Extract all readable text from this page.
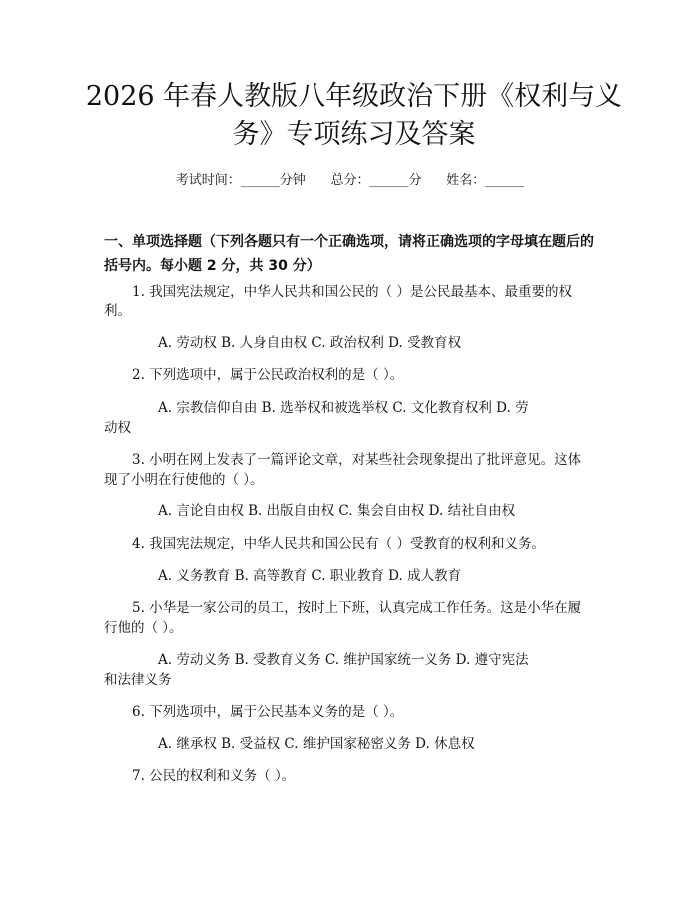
2026 年春人教版八年级政治下册《权利与义
务》专项练习及答案
考试时间：______分钟      总分：______分      姓名：______
一、单项选择题（下列各题只有一个正确选项，请将正确选项的字母填在题后的括号内。每小题 2 分，共 30 分）
1. 我国宪法规定，中华人民共和国公民的（ ）是公民最基本、最重要的权
利。
A. 劳动权 B. 人身自由权 C. 政治权利 D. 受教育权
2. 下列选项中，属于公民政治权利的是（ ）。
A. 宗教信仰自由 B. 选举权和被选举权 C. 文化教育权利 D. 劳
动权
3. 小明在网上发表了一篇评论文章，对某些社会现象提出了批评意见。这体
现了小明在行使他的（ ）。
A. 言论自由权 B. 出版自由权 C. 集会自由权 D. 结社自由权
4. 我国宪法规定，中华人民共和国公民有（ ）受教育的权利和义务。
A. 义务教育 B. 高等教育 C. 职业教育 D. 成人教育
5. 小华是一家公司的员工，按时上下班，认真完成工作任务。这是小华在履
行他的（ ）。
A. 劳动义务 B. 受教育义务 C. 维护国家统一义务 D. 遵守宪法
和法律义务
6. 下列选项中，属于公民基本义务的是（ ）。
A. 继承权 B. 受益权 C. 维护国家秘密义务 D. 休息权
7. 公民的权利和义务（ ）。
